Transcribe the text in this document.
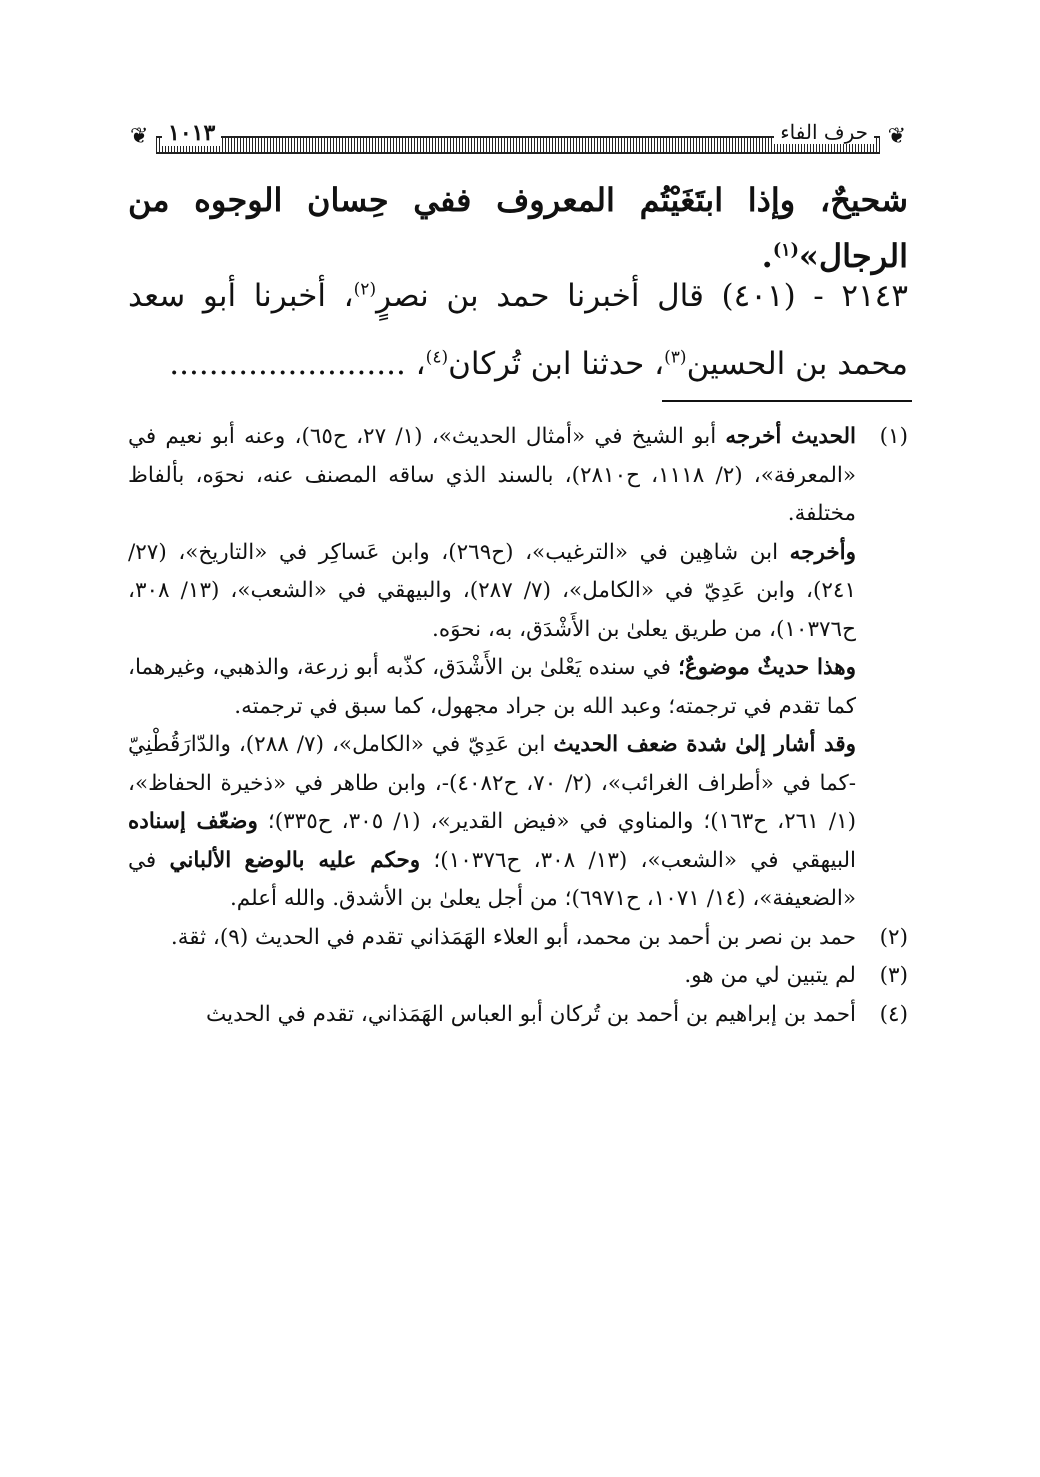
❦	❦
١٠١٣	حرف الفاء
شحيحٌ، وإذا ابتَغَيْتُم المعروف ففي حِسان الوجوه من الرجال»$^{(١)}$.
٢١٤٣ - (٤٠١) قال أخبرنا حمد بن نصرٍ$^{(٢)}$، أخبرنا أبو سعد محمد بن الحسين$^{(٣)}$، حدثنا ابن تُركان$^{(٤)}$، ........................
(١)

الحديث أخرجه أبو الشيخ في «أمثال الحديث»، (١/ ٢٧، ح٦٥)، وعنه أبو نعيم في «المعرفة»، (٢/ ١١١٨، ح٢٨١٠)، بالسند الذي ساقه المصنف عنه، نحوَه، بألفاظ مختلفة.

وأخرجه ابن شاهِين في «الترغيب»، (ح٢٦٩)، وابن عَساكِر في «التاريخ»، (٢٧/ ٢٤١)، وابن عَدِيّ في «الكامل»، (٧/ ٢٨٧)، والبيهقي في «الشعب»، (١٣/ ٣٠٨، ح١٠٣٧٦)، من طريق يعلىٰ بن الأَشْدَق، به، نحوَه.

وهذا حديثٌ موضوعٌ؛ في سنده يَعْلىٰ بن الأَشْدَق، كذّبه أبو زرعة، والذهبي، وغيرهما، كما تقدم في ترجمته؛ وعبد الله بن جراد مجهول، كما سبق في ترجمته.

وقد أشار إلىٰ شدة ضعف الحديث ابن عَدِيّ في «الكامل»، (٧/ ٢٨٨)، والدّارَقُطْنِيّ -كما في «أطراف الغرائب»، (٢/ ٧٠، ح٤٠٨٢)-، وابن طاهر في «ذخيرة الحفاظ»، (١/ ٢٦١، ح١٦٣)؛ والمناوي في «فيض القدير»، (١/ ٣٠٥، ح٣٣٥)؛ وضعّف إسناده البيهقي في «الشعب»، (١٣/ ٣٠٨، ح١٠٣٧٦)؛ وحكم عليه بالوضع الألباني في «الضعيفة»، (١٤/ ١٠٧١، ح٦٩٧١)؛ من أجل يعلىٰ بن الأشدق. والله أعلم.

(٢)

حمد بن نصر بن أحمد بن محمد، أبو العلاء الهَمَذاني تقدم في الحديث (٩)، ثقة.

(٣)

لم يتبين لي من هو.

(٤)

أحمد بن إبراهيم بن أحمد بن تُركان أبو العباس الهَمَذاني، تقدم في الحديث
